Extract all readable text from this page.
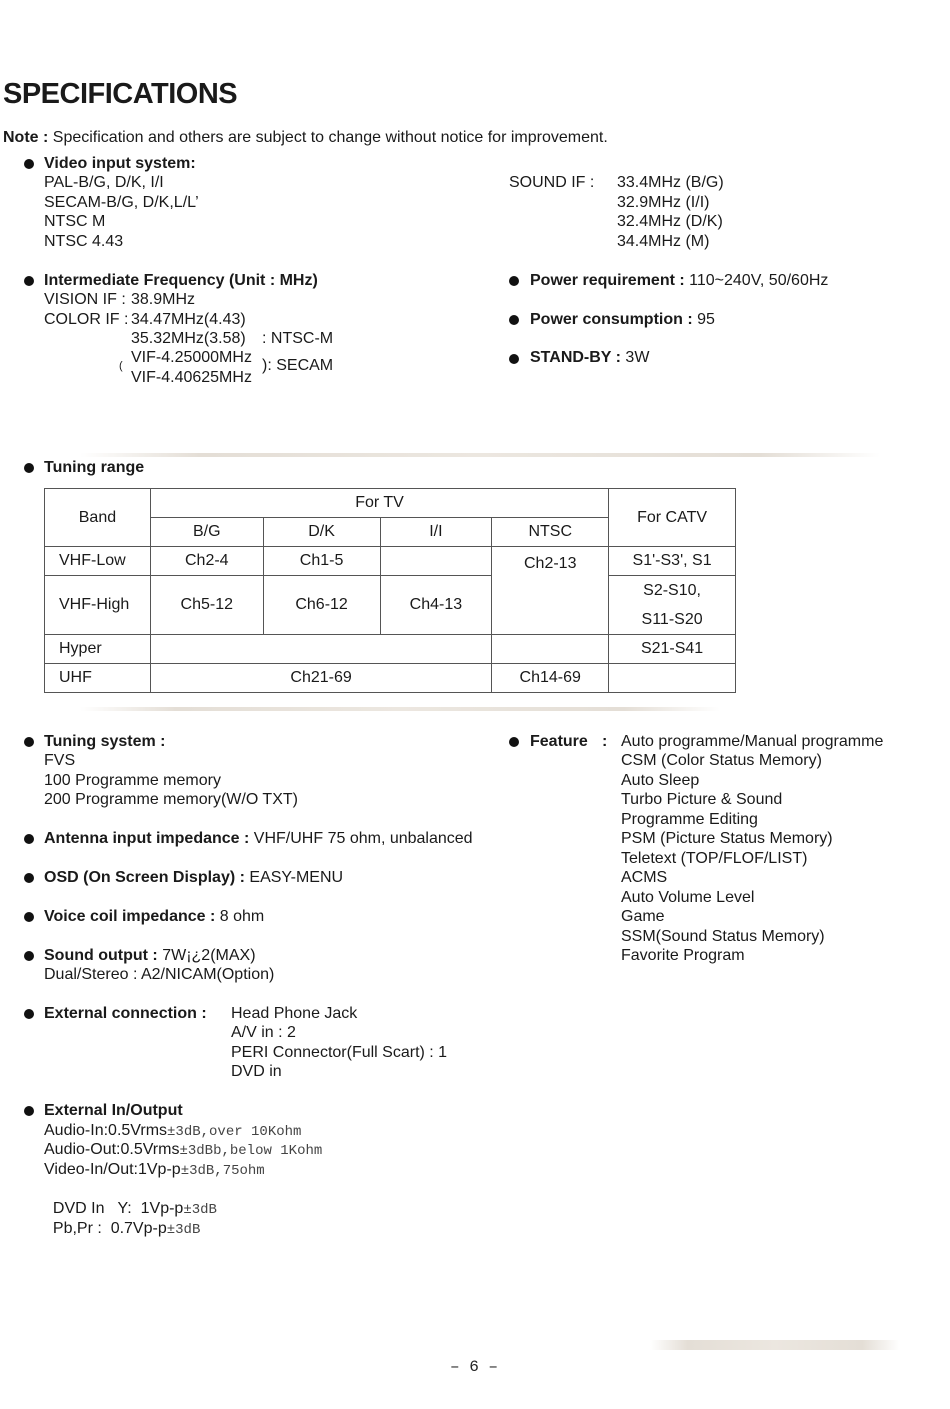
SPECIFICATIONS
Note : Specification and others are subject to change without notice for improvement.
Video input system:
PAL-B/G, D/K, I/I
SECAM-B/G, D/K,L/L’
NTSC M
NTSC 4.43
SOUND IF : 33.4MHz (B/G)
32.9MHz (I/I)
32.4MHz (D/K)
34.4MHz (M)
Intermediate Frequency (Unit : MHz)
VISION IF : 38.9MHz
COLOR IF : 34.47MHz(4.43)
35.32MHz(3.58) : NTSC-M
( VIF-4.25000MHz
VIF-4.40625MHz
): SECAM
Power requirement : 110~240V, 50/60Hz
Power consumption : 95
STAND-BY : 3W
Tuning range
Band	For TV				For CATV
	B/G	D/K	I/I	NTSC	
VHF-Low	Ch2-4	Ch1-5		Ch2-13	S1'-S3', S1
VHF-High	Ch5-12	Ch6-12	Ch4-13		S2-S10,
S11-S20
Hyper					S21-S41
UHF	Ch21-69			Ch14-69	
Tuning system :
FVS
100 Programme memory
200 Programme memory(W/O TXT)
Antenna input impedance : VHF/UHF 75 ohm, unbalanced
OSD (On Screen Display) : EASY-MENU
Voice coil impedance : 8 ohm
Sound output : 7W¡¿2(MAX)
Dual/Stereo : A2/NICAM(Option)
External connection : Head Phone Jack
A/V in : 2
PERI Connector(Full Scart) : 1
DVD in
External In/Output
Audio-In:0.5Vrms±3dB,over 10Kohm
Audio-Out:0.5Vrms±3dBb,below 1Kohm
Video-In/Out:1Vp-p±3dB,75ohm

DVD In   Y:  1Vp-p±3dB

Pb,Pr :  0.7Vp-p±3dB

Feature : Auto programme/Manual programme
CSM (Color Status Memory)
Auto Sleep
Turbo Picture & Sound
Programme Editing
PSM (Picture Status Memory)
Teletext (TOP/FLOF/LIST)
ACMS
Auto Volume Level
Game
SSM(Sound Status Memory)
Favorite Program
– 6 –
